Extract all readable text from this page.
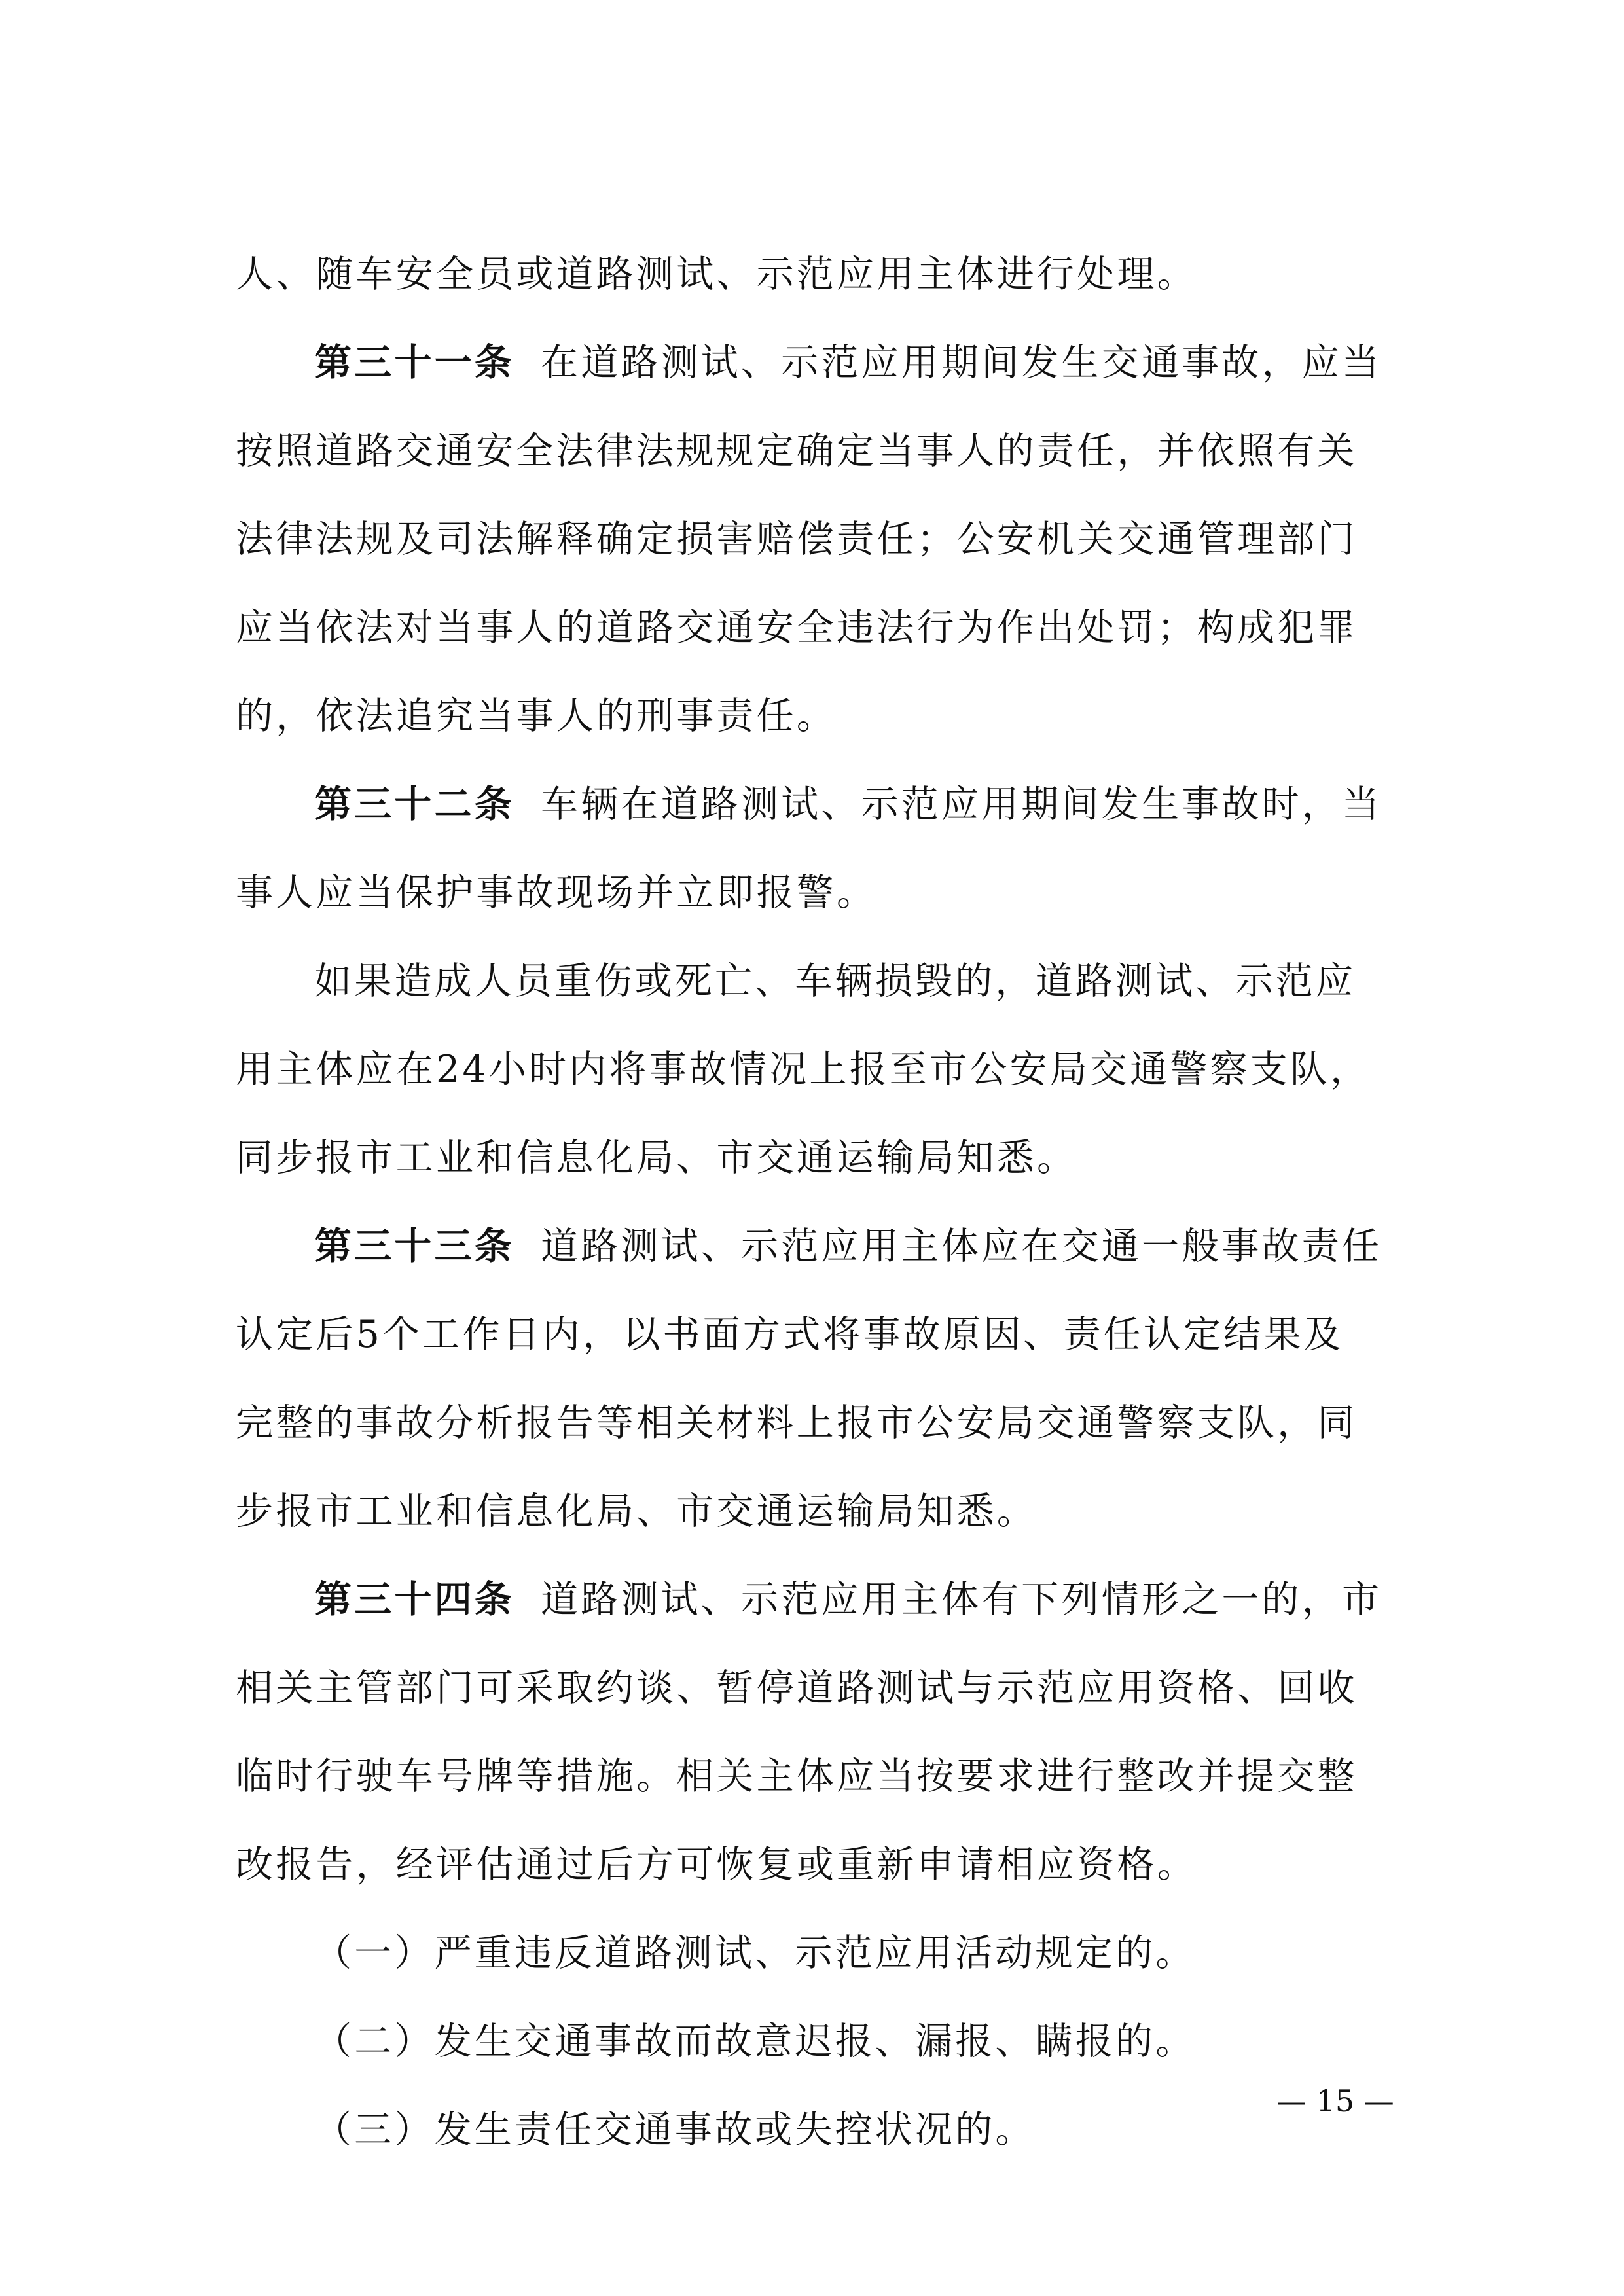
人、随车安全员或道路测试、示范应用主体进行处理。

第三十一条 在道路测试、示范应用期间发生交通事故，应当

按照道路交通安全法律法规规定确定当事人的责任，并依照有关

法律法规及司法解释确定损害赔偿责任；公安机关交通管理部门

应当依法对当事人的道路交通安全违法行为作出处罚；构成犯罪

的，依法追究当事人的刑事责任。

第三十二条 车辆在道路测试、示范应用期间发生事故时，当

事人应当保护事故现场并立即报警。

如果造成人员重伤或死亡、车辆损毁的，道路测试、示范应

用主体应在24小时内将事故情况上报至市公安局交通警察支队，

同步报市工业和信息化局、市交通运输局知悉。

第三十三条 道路测试、示范应用主体应在交通一般事故责任

认定后5个工作日内，以书面方式将事故原因、责任认定结果及

完整的事故分析报告等相关材料上报市公安局交通警察支队，同

步报市工业和信息化局、市交通运输局知悉。

第三十四条 道路测试、示范应用主体有下列情形之一的，市

相关主管部门可采取约谈、暂停道路测试与示范应用资格、回收

临时行驶车号牌等措施。相关主体应当按要求进行整改并提交整

改报告，经评估通过后方可恢复或重新申请相应资格。

（一）严重违反道路测试、示范应用活动规定的。

（二）发生交通事故而故意迟报、漏报、瞒报的。

（三）发生责任交通事故或失控状况的。

— 15 —
